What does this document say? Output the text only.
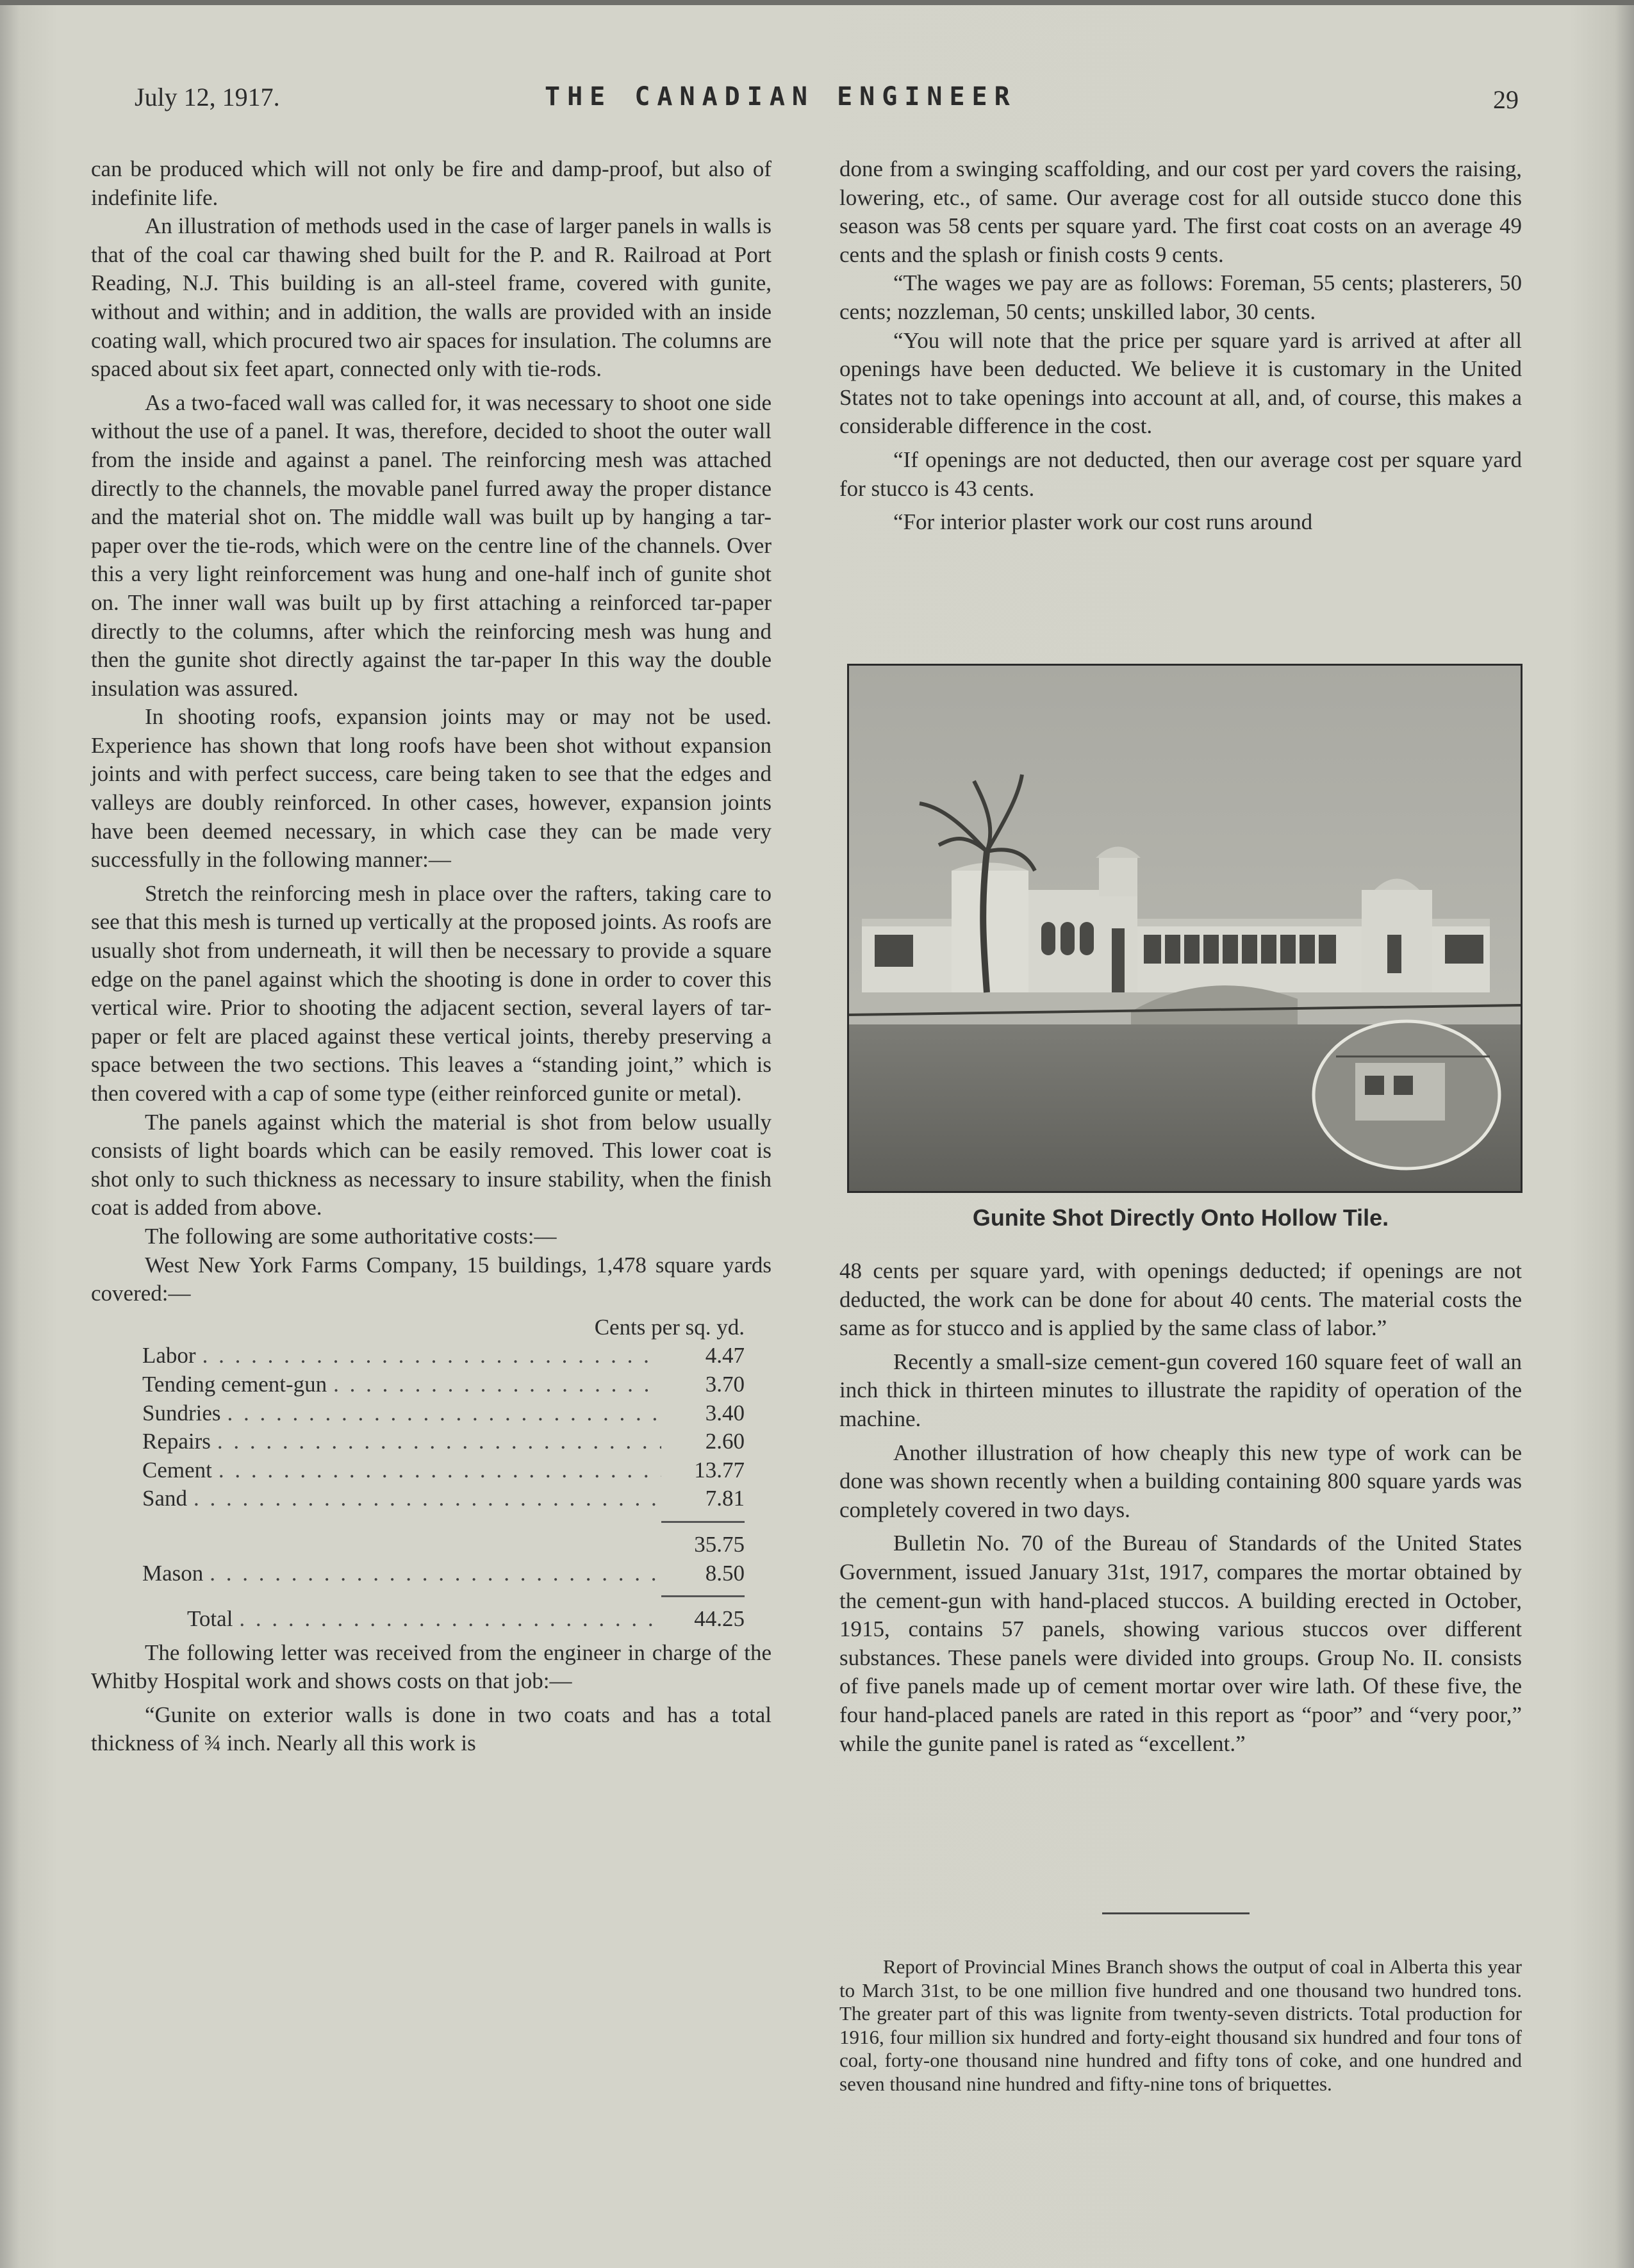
July 12, 1917.	THE CANADIAN ENGINEER	29

can be produced which will not only be fire and damp-proof, but also of indefinite life.

An illustration of methods used in the case of larger panels in walls is that of the coal car thawing shed built for the P. and R. Railroad at Port Reading, N.J. This building is an all-steel frame, covered with gunite, without and within; and in addition, the walls are provided with an inside coating wall, which procured two air spaces for insulation. The columns are spaced about six feet apart, connected only with tie-rods.

As a two-faced wall was called for, it was necessary to shoot one side without the use of a panel. It was, therefore, decided to shoot the outer wall from the inside and against a panel. The reinforcing mesh was attached directly to the channels, the movable panel furred away the proper distance and the material shot on. The middle wall was built up by hanging a tar-paper over the tie-rods, which were on the centre line of the channels. Over this a very light reinforcement was hung and one-half inch of gunite shot on. The inner wall was built up by first attaching a reinforced tar-paper directly to the columns, after which the reinforcing mesh was hung and then the gunite shot directly against the tar-paper In this way the double insulation was assured.

In shooting roofs, expansion joints may or may not be used. Experience has shown that long roofs have been shot without expansion joints and with perfect success, care being taken to see that the edges and valleys are doubly reinforced. In other cases, however, expansion joints have been deemed necessary, in which case they can be made very successfully in the following manner:—

Stretch the reinforcing mesh in place over the rafters, taking care to see that this mesh is turned up vertically at the proposed joints. As roofs are usually shot from underneath, it will then be necessary to provide a square edge on the panel against which the shooting is done in order to cover this vertical wire. Prior to shooting the adjacent section, several layers of tar-paper or felt are placed against these vertical joints, thereby preserving a space between the two sections. This leaves a “standing joint,” which is then covered with a cap of some type (either reinforced gunite or metal).

The panels against which the material is shot from below usually consists of light boards which can be easily removed. This lower coat is shot only to such thickness as necessary to insure stability, when the finish coat is added from above.

The following are some authoritative costs:—

West New York Farms Company, 15 buildings, 1,478 square yards covered:—

Cents per sq. yd.
Labor . . .	4.47
Tending cement-gun . . .	3.70
Sundries . . .	3.40
Repairs . . .	2.60
Cement . . .	13.77
Sand . . .	7.81
35.75
Mason . . .	8.50
Total . . .	44.25

The following letter was received from the engineer in charge of the Whitby Hospital work and shows costs on that job:—

“Gunite on exterior walls is done in two coats and has a total thickness of ¾ inch. Nearly all this work is

done from a swinging scaffolding, and our cost per yard covers the raising, lowering, etc., of same. Our average cost for all outside stucco done this season was 58 cents per square yard. The first coat costs on an average 49 cents and the splash or finish costs 9 cents.

“The wages we pay are as follows: Foreman, 55 cents; plasterers, 50 cents; nozzleman, 50 cents; unskilled labor, 30 cents.

“You will note that the price per square yard is arrived at after all openings have been deducted. We believe it is customary in the United States not to take openings into account at all, and, of course, this makes a considerable difference in the cost.

“If openings are not deducted, then our average cost per square yard for stucco is 43 cents.

“For interior plaster work our cost runs around

Gunite Shot Directly Onto Hollow Tile.

48 cents per square yard, with openings deducted; if openings are not deducted, the work can be done for about 40 cents. The material costs the same as for stucco and is applied by the same class of labor.”

Recently a small-size cement-gun covered 160 square feet of wall an inch thick in thirteen minutes to illustrate the rapidity of operation of the machine.

Another illustration of how cheaply this new type of work can be done was shown recently when a building containing 800 square yards was completely covered in two days.

Bulletin No. 70 of the Bureau of Standards of the United States Government, issued January 31st, 1917, compares the mortar obtained by the cement-gun with hand-placed stuccos. A building erected in October, 1915, contains 57 panels, showing various stuccos over different substances. These panels were divided into groups. Group No. II. consists of five panels made up of cement mortar over wire lath. Of these five, the four hand-placed panels are rated in this report as “poor” and “very poor,” while the gunite panel is rated as “excellent.”

Report of Provincial Mines Branch shows the output of coal in Alberta this year to March 31st, to be one million five hundred and one thousand two hundred tons. The greater part of this was lignite from twenty-seven districts. Total production for 1916, four million six hundred and forty-eight thousand six hundred and four tons of coal, forty-one thousand nine hundred and fifty tons of coke, and one hundred and seven thousand nine hundred and fifty-nine tons of briquettes.
